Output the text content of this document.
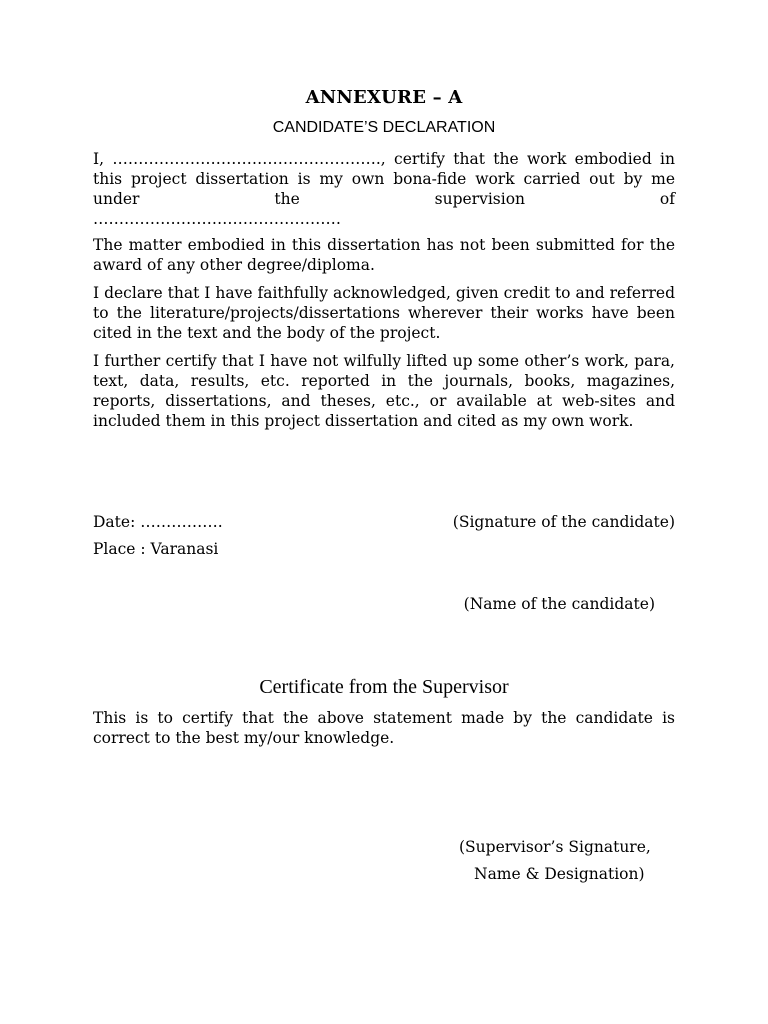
ANNEXURE – A
CANDIDATE’S DECLARATION
I, ……………………………………………., certify that the work embodied in this project dissertation is my own bona-fide work carried out by me under the supervision of
…………………………………………
The matter embodied in this dissertation has not been submitted for the award of any other degree/diploma.
I declare that I have faithfully acknowledged, given credit to and referred to the literature/projects/dissertations wherever their works have been cited in the text and the body of the project.
I further certify that I have not wilfully lifted up some other’s work, para, text, data, results, etc. reported in the journals, books, magazines, reports, dissertations, and theses, etc., or available at web-sites and included them in this project dissertation and cited as my own work.
Date: …………….	(Signature of the candidate)
Place : Varanasi
(Name of the candidate)
Certificate from the Supervisor
This is to certify that the above statement made by the candidate is correct to the best my/our knowledge.
(Supervisor’s Signature,
Name & Designation)
